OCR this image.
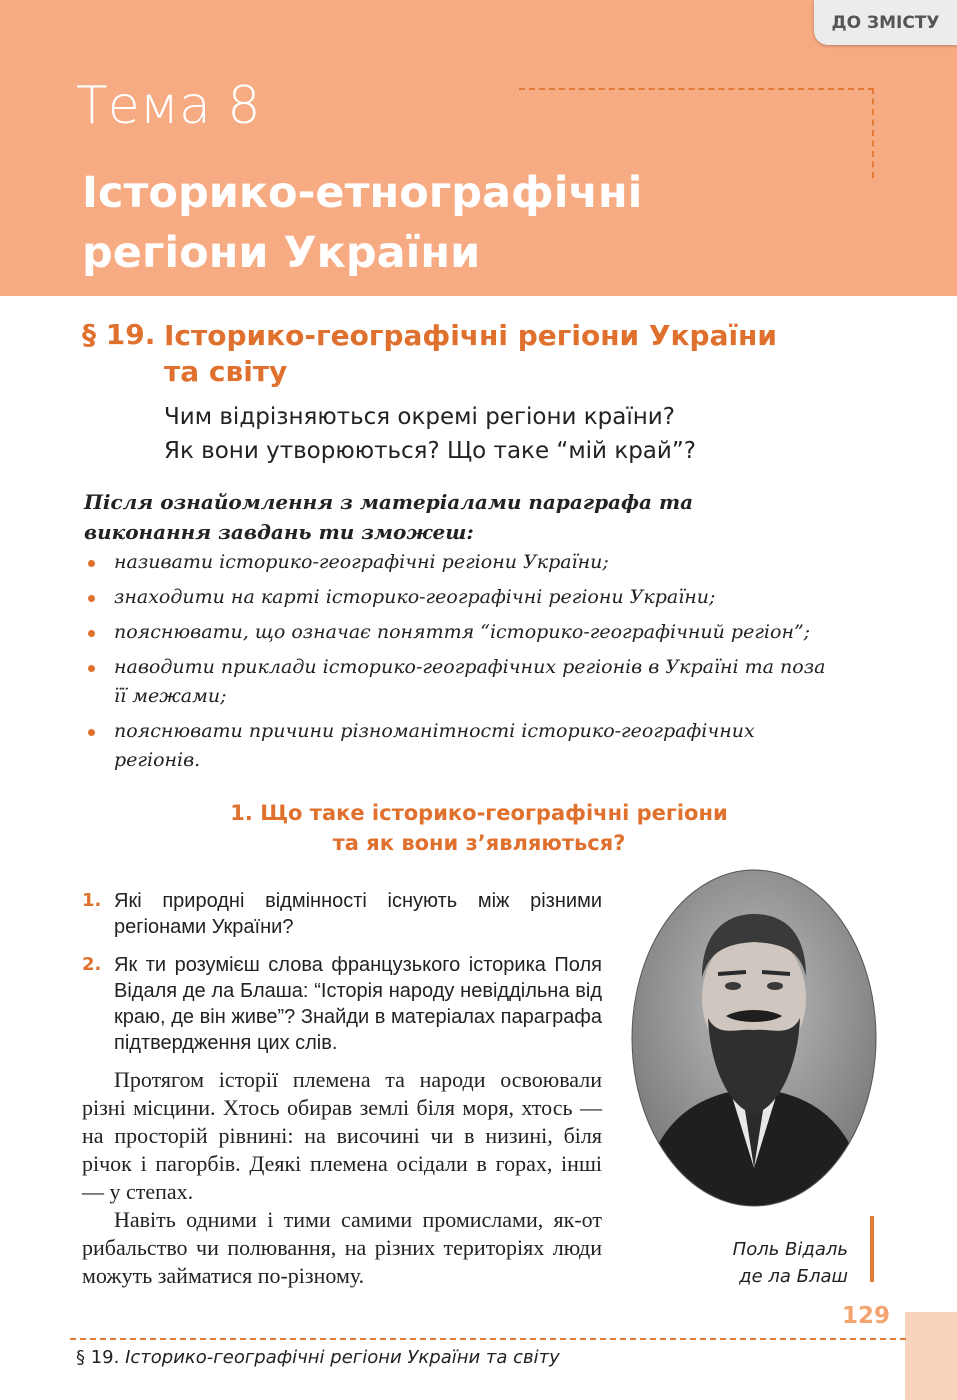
ДО ЗМІСТУ
Тема 8
Історико-етнографічні
регіони України
§ 19. Історико-географічні регіони України
та світу
Чим відрізняються окремі регіони країни?
Як вони утворюються? Що таке “мій край”?
Після ознайомлення з матеріалами параграфа та виконання завдань ти зможеш:
називати історико-географічні регіони України;
знаходити на карті історико-географічні регіони України;
пояснювати, що означає поняття “історико-географічний регіон”;
наводити приклади історико-географічних регіонів в Україні та поза її межами;
пояснювати причини різноманітності історико-географічних регіонів.
1. Що таке історико-географічні регіони
та як вони з’являються?
1. Які природні відмінності існують між різними регіонами України?
2. Як ти розумієш слова французького історика Поля Відаля де ла Блаша: “Історія народу невіддільна від краю, де він живе”? Знайди в матеріалах параграфа підтвердження цих слів.

Протягом історії племена та народи освоювали різні місцини. Хтось обирав землі біля моря, хтось — на просторій рівнині: на височині чи в низині, біля річок і пагорбів. Деякі племена осідали в горах, інші — у степах.

Навіть одними і тими самими промислами, як-от рибальство чи полювання, на різних територіях люди можуть займатися по-різному.

Поль Відаль
де ла Блаш
129
§ 19. Історико-географічні регіони України та світу
